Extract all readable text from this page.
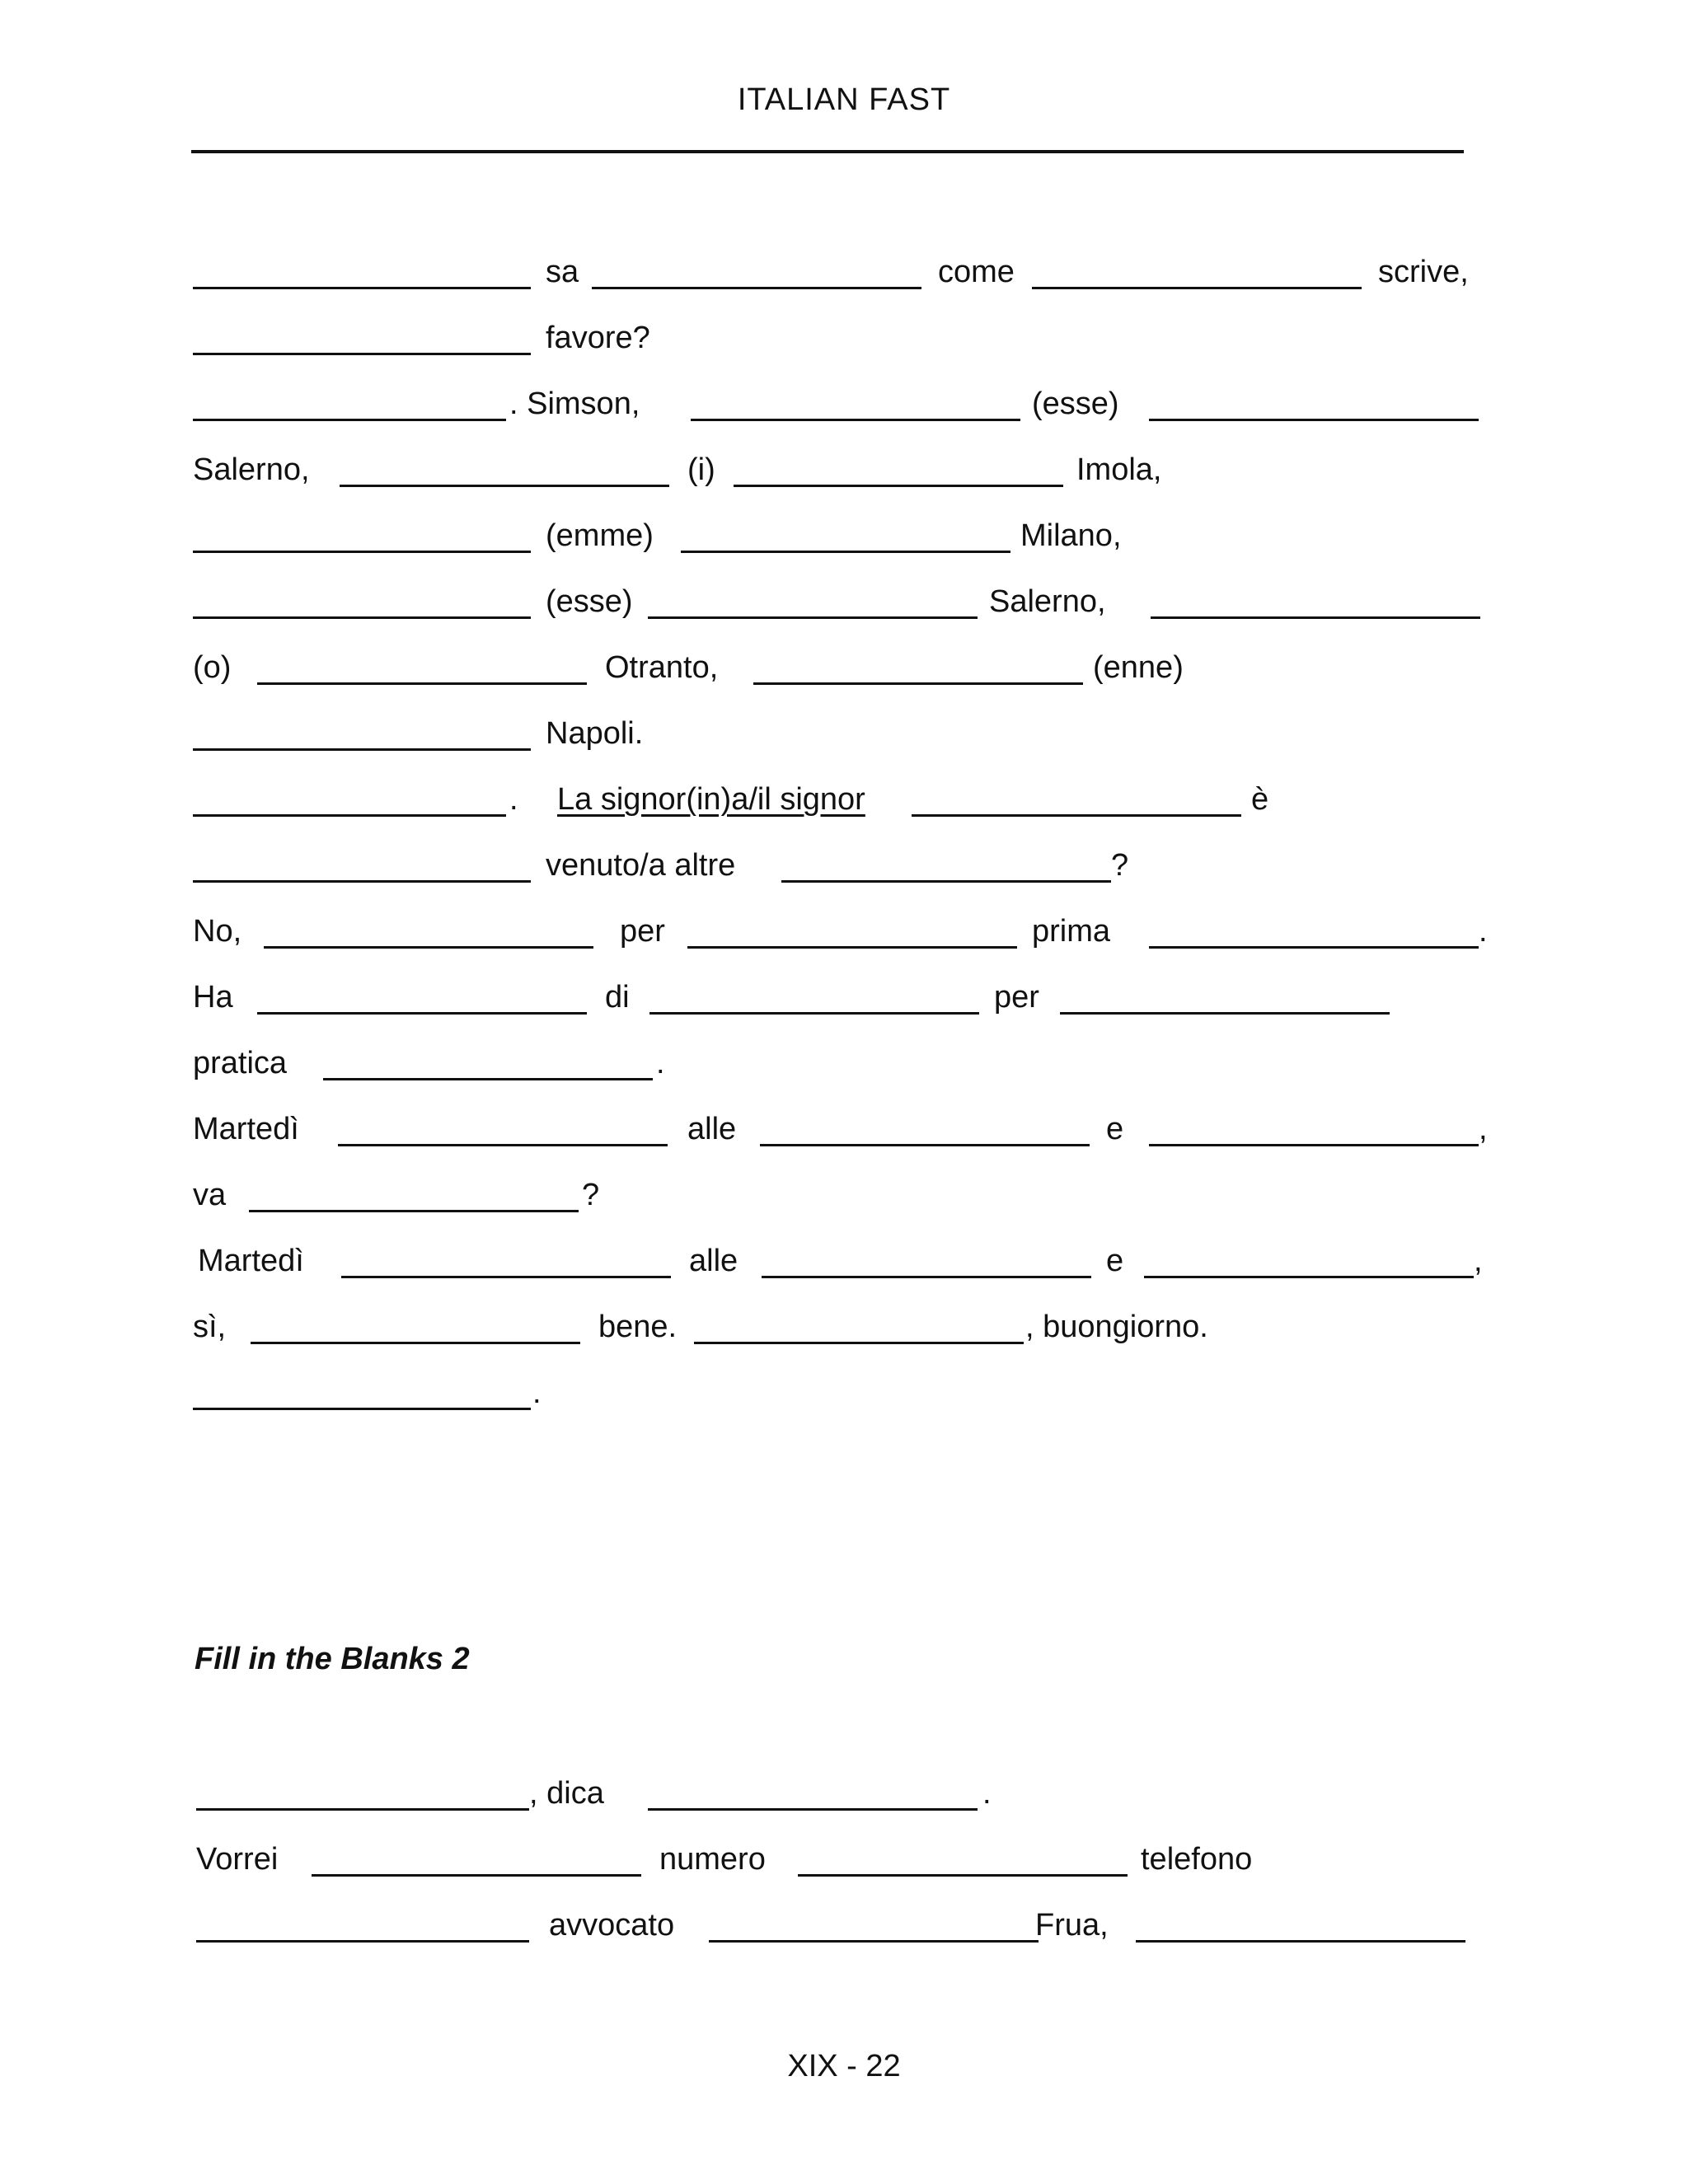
ITALIAN FAST
sa	come	scrive,
favore?
. Simson,	(esse)
Salerno,	(i)	Imola,
(emme)	Milano,
(esse)	Salerno,
(o)	Otranto,	(enne)
Napoli.
. La signor(in)a/il signor	è
venuto/a altre	?
No,	per	prima	.
Ha	di	per
pratica	.
Martedì	alle	e	,
va	?
Martedì	alle	e	,
sì,	bene.	, buongiorno.
.
Fill in the Blanks 2
, dica	.
Vorrei	numero	telefono
avvocato	Frua,
XIX - 22
